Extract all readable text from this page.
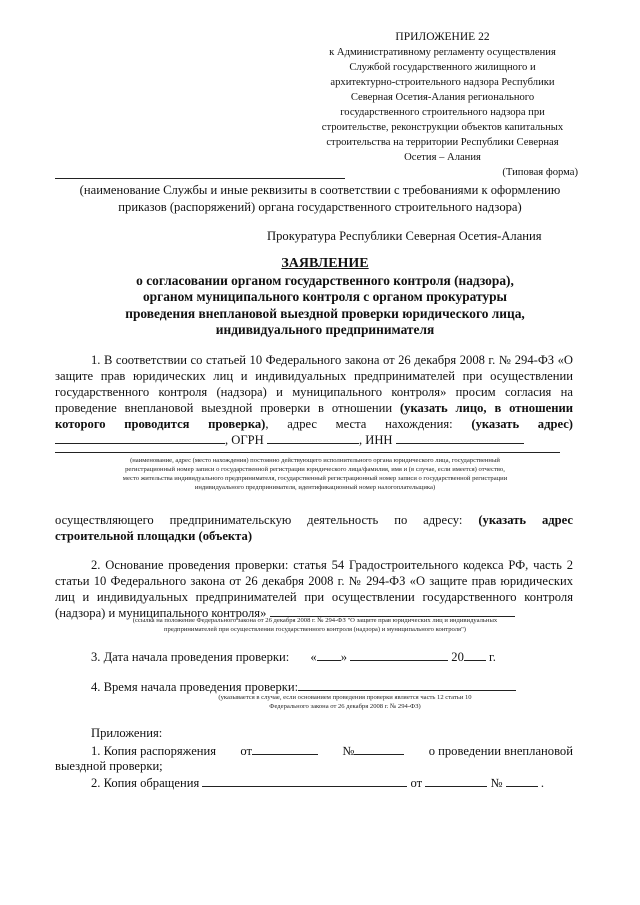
ПРИЛОЖЕНИЕ 22
к Административному регламенту осуществления
Службой государственного жилищного и
архитектурно-строительного надзора Республики
Северная Осетия-Алания регионального
государственного строительного надзора при
строительстве, реконструкции объектов капитальных
строительства на территории Республики Северная
Осетия – Алания
(Типовая форма)
(наименование Службы и иные реквизиты в соответствии с требованиями к оформлению
приказов (распоряжений) органа государственного строительного надзора)
Прокуратура Республики Северная Осетия-Алания
ЗАЯВЛЕНИЕ
о согласовании органом государственного контроля (надзора),
органом муниципального контроля с органом прокуратуры
проведения внеплановой выездной проверки юридического лица,
индивидуального предпринимателя
1. В соответствии со статьей 10 Федерального закона от 26 декабря 2008 г. № 294-ФЗ «О защите прав юридических лиц и индивидуальных предпринимателей при осуществлении государственного контроля (надзора) и муниципального контроля» просим согласия на проведение внеплановой выездной проверки в отношении (указать лицо, в отношении которого проводится проверка), адрес места нахождения: (указать адрес) , ОГРН	, ИНН
(наименование, адрес (место нахождения) постоянно действующего исполнительного органа юридического лица, государственный
регистрационный номер записи о государственной регистрации юридического лица/фамилия, имя и (в случае, если имеется) отчество,
место жительства индивидуального предпринимателя, государственный регистрационный номер записи о государственной регистрации
индивидуального предпринимателя, идентификационный номер налогоплательщика)
осуществляющего предпринимательскую деятельность по адресу: (указать адрес строительной площадки (объекта)
2. Основание проведения проверки: статья 54 Градостроительного кодекса РФ, часть 2 статьи 10 Федерального закона от 26 декабря 2008 г. № 294-ФЗ «О защите прав юридических лиц и индивидуальных предпринимателей при осуществлении государственного контроля (надзора) и муниципального контроля»
(ссылка на положение Федерального закона от 26 декабря 2008 г. № 294-ФЗ "О защите прав юридических лиц и индивидуальных
предпринимателей при осуществлении государственного контроля (надзора) и муниципального контроля")
3. Дата начала проведения проверки: « »	20 г.
4. Время начала проведения проверки:
(указывается в случае, если основанием проведения проверки является часть 12 статьи 10
Федерального закона от 26 декабря 2008 г. № 294-ФЗ)
Приложения:
1. Копия распоряжения от	№	о проведении внеплановой
выездной проверки;
2. Копия обращения	от	№	.
